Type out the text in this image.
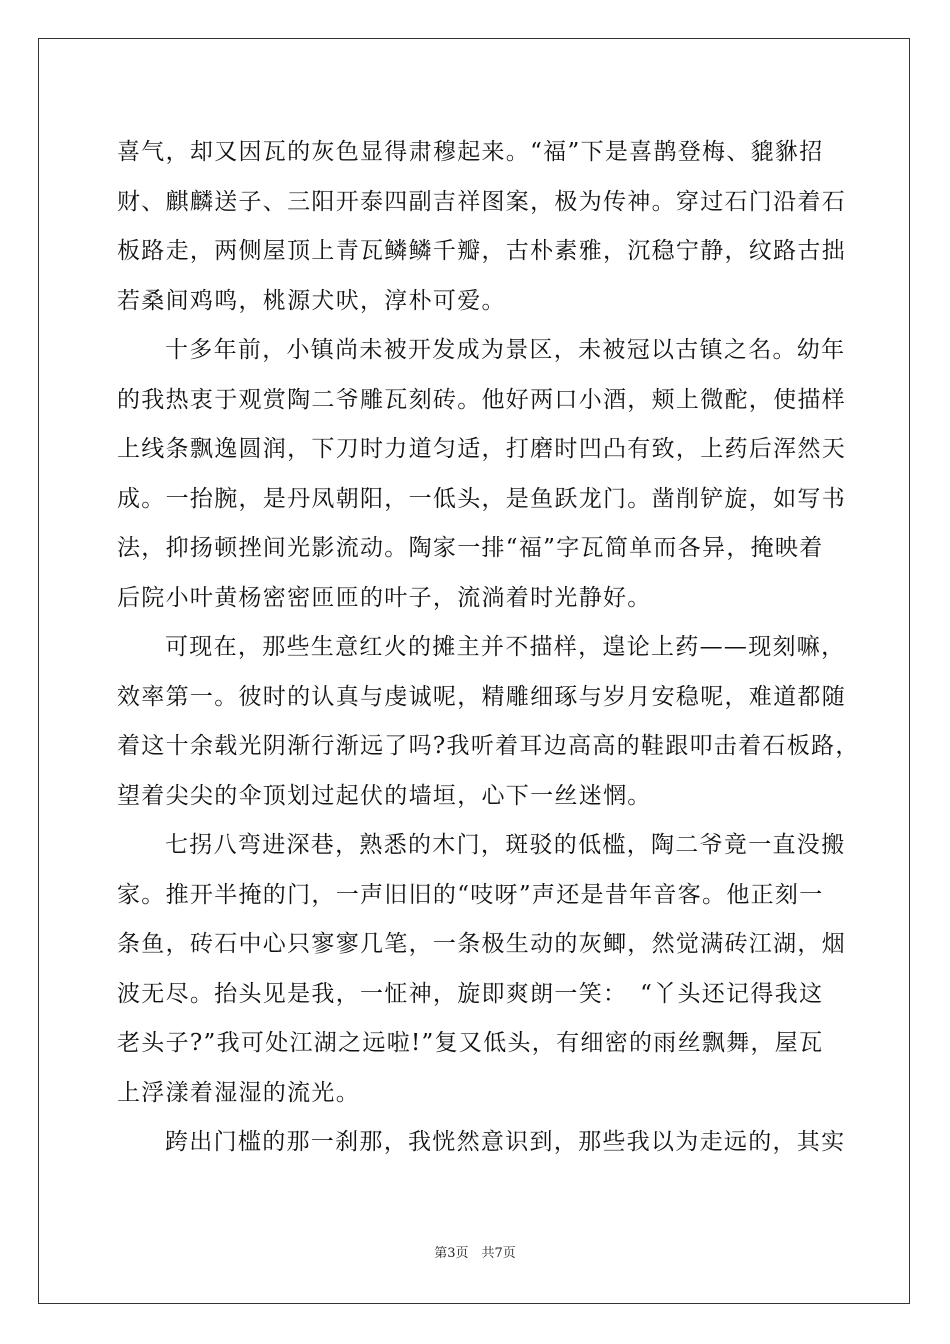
喜气，却又因瓦的灰色显得肃穆起来。“福”下是喜鹊登梅、貔貅招
财、麒麟送子、三阳开泰四副吉祥图案，极为传神。穿过石门沿着石
板路走，两侧屋顶上青瓦鳞鳞千瓣，古朴素雅，沉稳宁静，纹路古拙
若桑间鸡鸣，桃源犬吠，淳朴可爱。
十多年前，小镇尚未被开发成为景区，未被冠以古镇之名。幼年
的我热衷于观赏陶二爷雕瓦刻砖。他好两口小酒，颊上微酡，使描样
上线条飘逸圆润，下刀时力道匀适，打磨时凹凸有致，上药后浑然天
成。一抬腕，是丹凤朝阳，一低头，是鱼跃龙门。凿削铲旋，如写书
法，抑扬顿挫间光影流动。陶家一排“福”字瓦简单而各异，掩映着
后院小叶黄杨密密匝匝的叶子，流淌着时光静好。
可现在，那些生意红火的摊主并不描样，遑论上药——现刻嘛，
效率第一。彼时的认真与虔诚呢，精雕细琢与岁月安稳呢，难道都随
着这十余载光阴渐行渐远了吗?我听着耳边高高的鞋跟叩击着石板路，
望着尖尖的伞顶划过起伏的墙垣，心下一丝迷惘。
七拐八弯进深巷，熟悉的木门，斑驳的低槛，陶二爷竟一直没搬
家。推开半掩的门，一声旧旧的“吱呀”声还是昔年音客。他正刻一
条鱼，砖石中心只寥寥几笔，一条极生动的灰鲫，然觉满砖江湖，烟
波无尽。抬头见是我，一怔神，旋即爽朗一笑：　“丫头还记得我这
老头子?”我可处江湖之远啦!”复又低头，有细密的雨丝飘舞，屋瓦
上浮漾着湿湿的流光。
跨出门槛的那一刹那，我恍然意识到，那些我以为走远的，其实
第3页　共7页
